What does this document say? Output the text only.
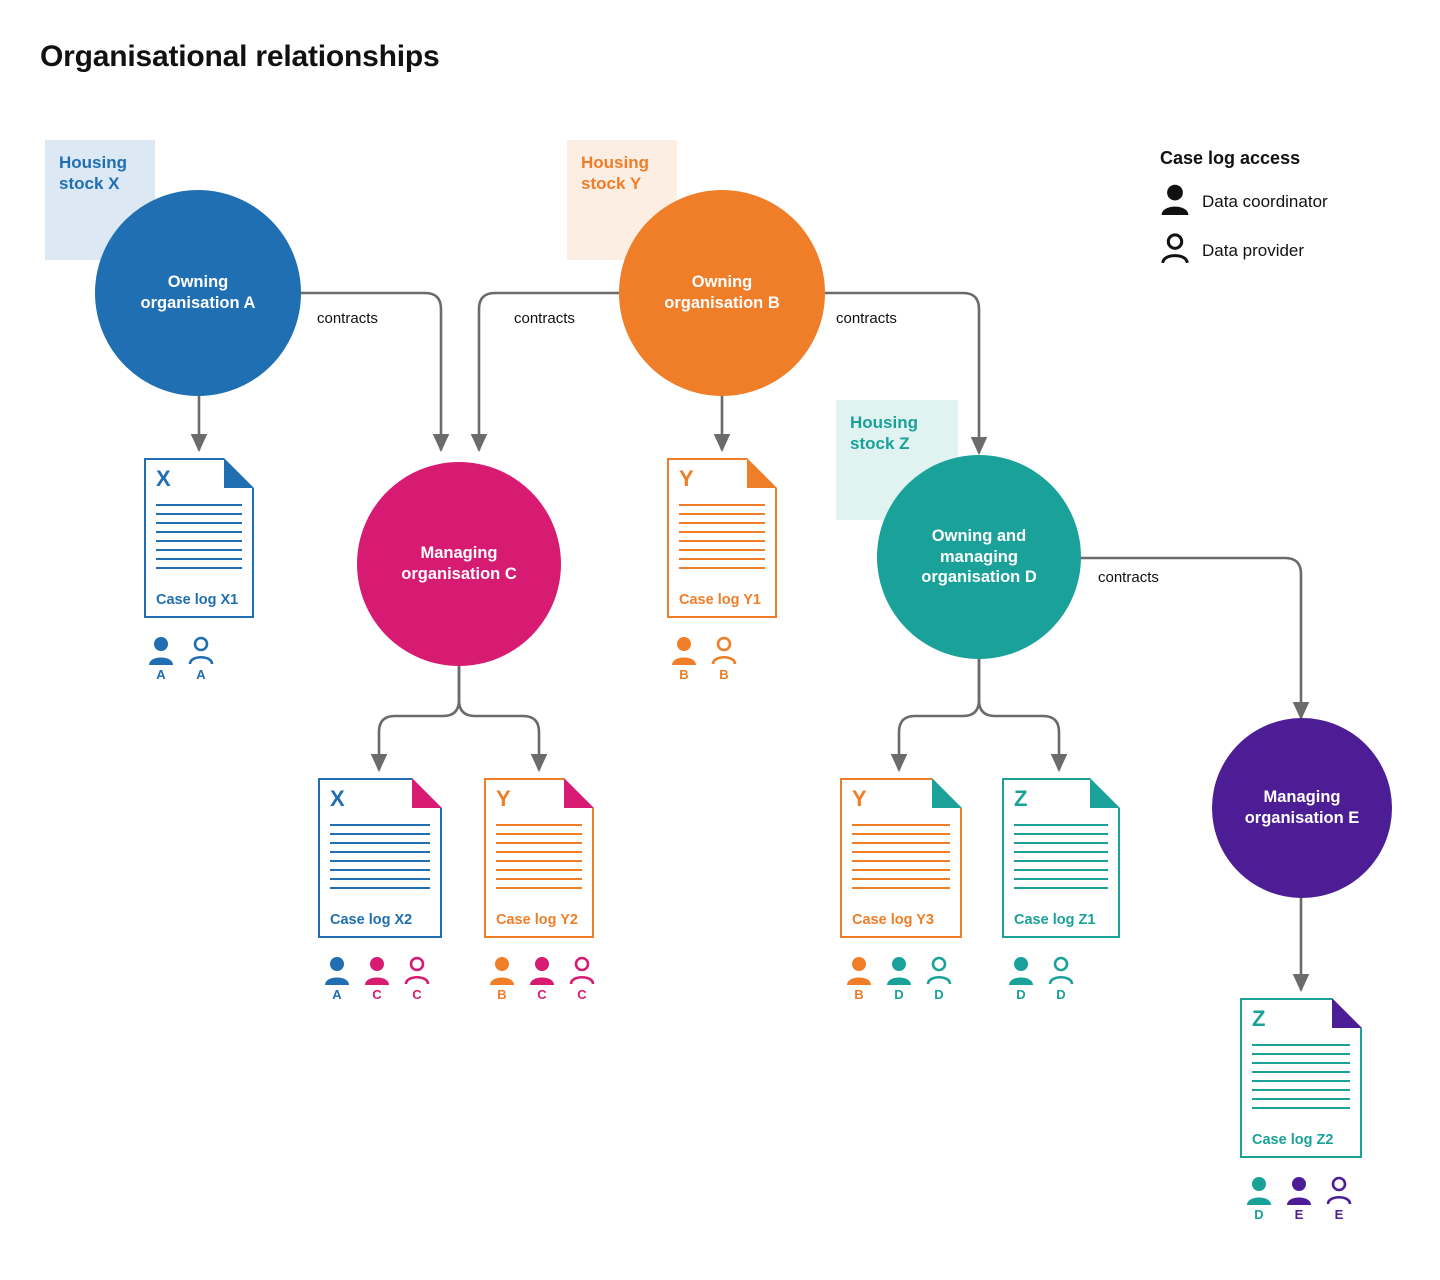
Organisational relationships
Housing
stock X
Housing
stock Y
Housing
stock Z
Owning
organisation A
Owning
organisation B
Managing
organisation C
Owning and
managing
organisation D
Managing
organisation E
contracts	contracts	contracts
contracts
X
Case log X1
A	A
Y
Case log Y1
B	B
X
Case log X2
A	C	C
Y
Case log Y2
B	C	C
Y
Case log Y3
B	D	D
Z
Case log Z1
D	D
Z
Case log Z2
D	E	E
Case log access
Data coordinator
Data provider
